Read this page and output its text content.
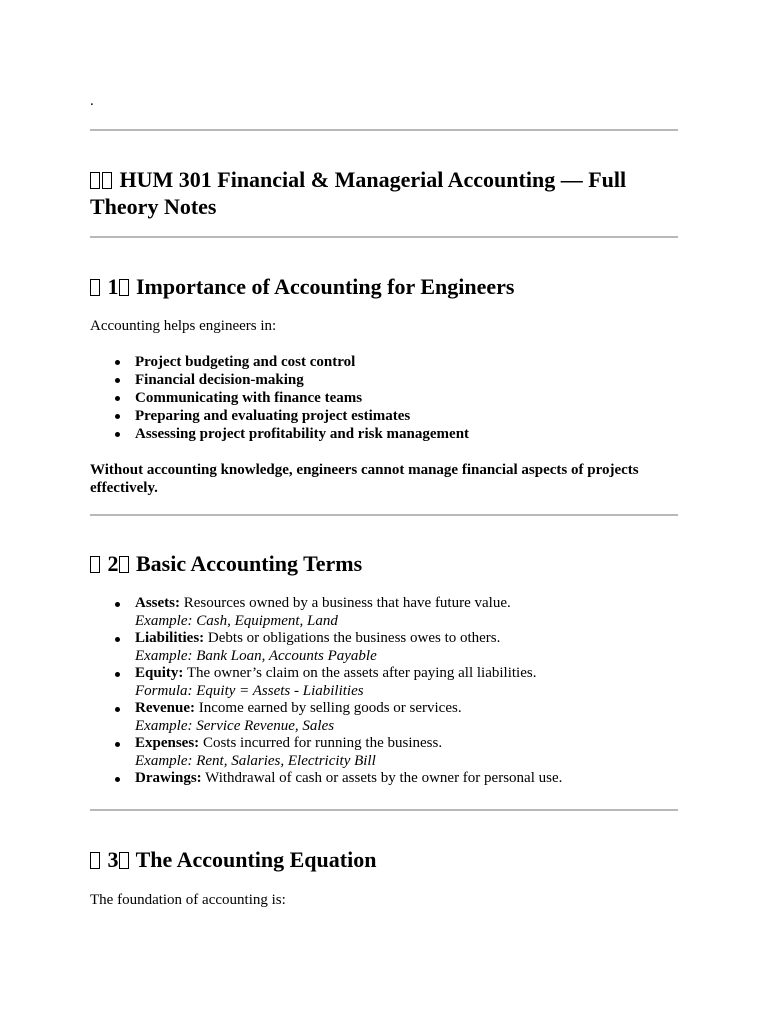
.
HUM 301 Financial & Managerial Accounting — Full Theory Notes
1 Importance of Accounting for Engineers

Accounting helps engineers in:

Project budgeting and cost control
Financial decision-making
Communicating with finance teams
Preparing and evaluating project estimates
Assessing project profitability and risk management

Without accounting knowledge, engineers cannot manage financial aspects of projects effectively.

2 Basic Accounting Terms
Assets: Resources owned by a business that have future value.
Example: Cash, Equipment, Land
Liabilities: Debts or obligations the business owes to others.
Example: Bank Loan, Accounts Payable
Equity: The owner’s claim on the assets after paying all liabilities.
Formula: Equity = Assets - Liabilities
Revenue: Income earned by selling goods or services.
Example: Service Revenue, Sales
Expenses: Costs incurred for running the business.
Example: Rent, Salaries, Electricity Bill
Drawings: Withdrawal of cash or assets by the owner for personal use.
3 The Accounting Equation

The foundation of accounting is:
